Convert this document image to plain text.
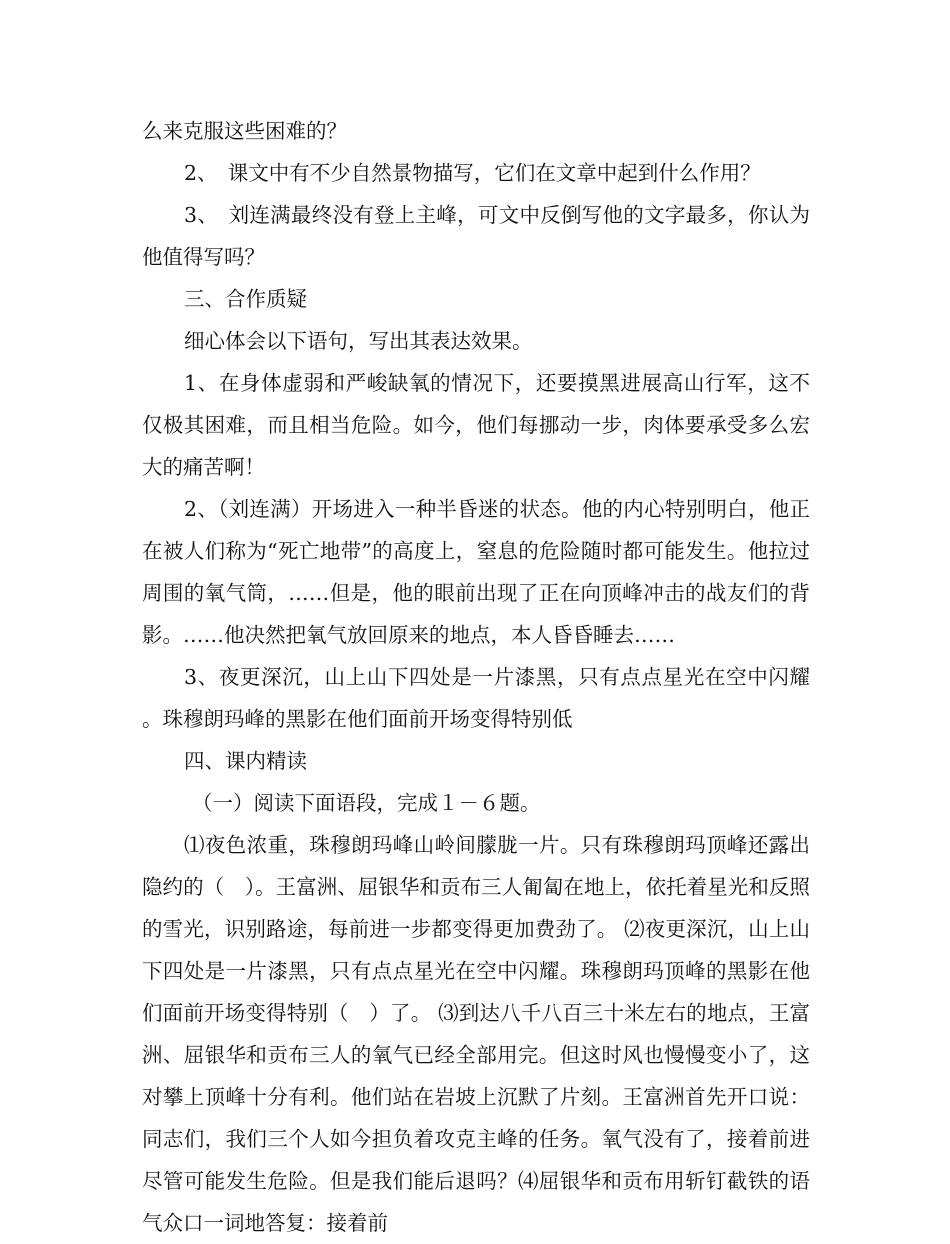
么来克服这些困难的？

2、　课文中有不少自然景物描写，它们在文章中起到什么作用？

3、　刘连满最终没有登上主峰，可文中反倒写他的文字最多，你认为他值得写吗？

三、合作质疑

细心体会以下语句，写出其表达效果。

1、在身体虚弱和严峻缺氧的情况下，还要摸黑进展高山行军，这不仅极其困难，而且相当危险。如今，他们每挪动一步，肉体要承受多么宏大的痛苦啊！

2、（刘连满）开场进入一种半昏迷的状态。他的内心特别明白，他正在被人们称为“死亡地带”的高度上，窒息的危险随时都可能发生。他拉过周围的氧气筒，……但是，他的眼前出现了正在向顶峰冲击的战友们的背影。……他决然把氧气放回原来的地点，本人昏昏睡去……

3、夜更深沉，山上山下四处是一片漆黑，只有点点星光在空中闪耀。珠穆朗玛峰的黑影在他们面前开场变得特别低

四、课内精读

（一）阅读下面语段，完成１－６题。

⑴夜色浓重，珠穆朗玛峰山岭间朦胧一片。只有珠穆朗玛顶峰还露出隐约的（　）。王富洲、屈银华和贡布三人匍匐在地上，依托着星光和反照的雪光，识别路途，每前进一步都变得更加费劲了。 ⑵夜更深沉，山上山下四处是一片漆黑，只有点点星光在空中闪耀。珠穆朗玛顶峰的黑影在他们面前开场变得特别（　）了。 ⑶到达八千八百三十米左右的地点，王富洲、屈银华和贡布三人的氧气已经全部用完。但这时风也慢慢变小了，这对攀上顶峰十分有利。他们站在岩坡上沉默了片刻。王富洲首先开口说：同志们，我们三个人如今担负着攻克主峰的任务。氧气没有了，接着前进尽管可能发生危险。但是我们能后退吗？⑷屈银华和贡布用斩钉截铁的语气众口一词地答复：接着前
